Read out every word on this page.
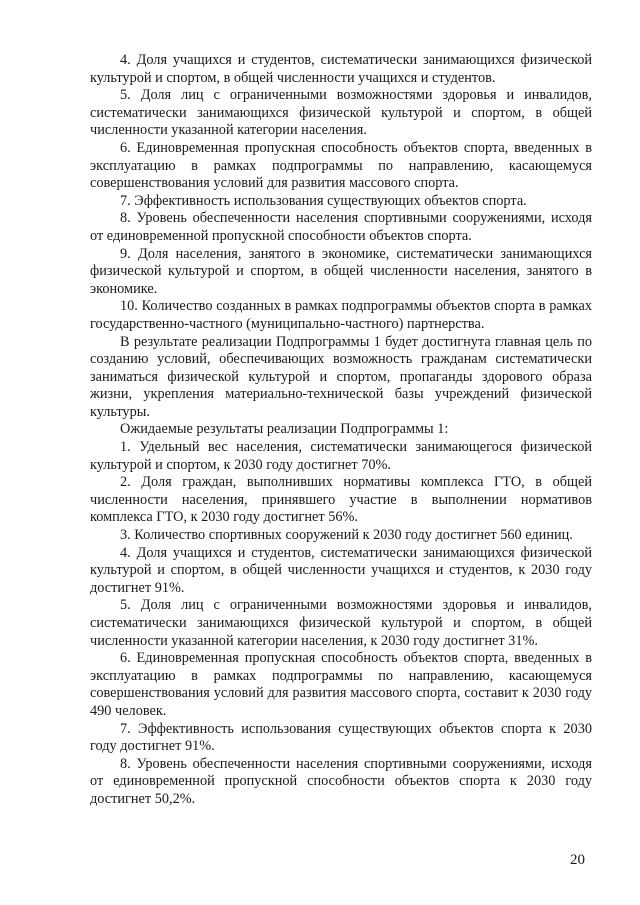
4. Доля учащихся и студентов, систематически занимающихся физической культурой и спортом, в общей численности учащихся и студентов.

5. Доля лиц с ограниченными возможностями здоровья и инвалидов, систематически занимающихся физической культурой и спортом, в общей численности указанной категории населения.

6. Единовременная пропускная способность объектов спорта, введенных в эксплуатацию в рамках подпрограммы по направлению, касающемуся совершенствования условий для развития массового спорта.

7. Эффективность использования существующих объектов спорта.

8. Уровень обеспеченности населения спортивными сооружениями, исходя от единовременной пропускной способности объектов спорта.

9. Доля населения, занятого в экономике, систематически занимающихся физической культурой и спортом, в общей численности населения, занятого в экономике.

10. Количество созданных в рамках подпрограммы объектов спорта в рамках государственно-частного (муниципально-частного) партнерства.

В результате реализации Подпрограммы 1 будет достигнута главная цель по созданию условий, обеспечивающих возможность гражданам систематически заниматься физической культурой и спортом, пропаганды здорового образа жизни, укрепления материально-технической базы учреждений физической культуры.

Ожидаемые результаты реализации Подпрограммы 1:

1. Удельный вес населения, систематически занимающегося физической культурой и спортом, к 2030 году достигнет 70%.

2. Доля граждан, выполнивших нормативы комплекса ГТО, в общей численности населения, принявшего участие в выполнении нормативов комплекса ГТО, к 2030 году достигнет 56%.

3. Количество спортивных сооружений к 2030 году достигнет 560 единиц.

4. Доля учащихся и студентов, систематически занимающихся физической культурой и спортом, в общей численности учащихся и студентов, к 2030 году достигнет 91%.

5. Доля лиц с ограниченными возможностями здоровья и инвалидов, систематически занимающихся физической культурой и спортом, в общей численности указанной категории населения, к 2030 году достигнет 31%.

6. Единовременная пропускная способность объектов спорта, введенных в эксплуатацию в рамках подпрограммы по направлению, касающемуся совершенствования условий для развития массового спорта, составит к 2030 году 490 человек.

7. Эффективность использования существующих объектов спорта к 2030 году достигнет 91%.

8. Уровень обеспеченности населения спортивными сооружениями, исходя от единовременной пропускной способности объектов спорта к 2030 году достигнет 50,2%.

20
